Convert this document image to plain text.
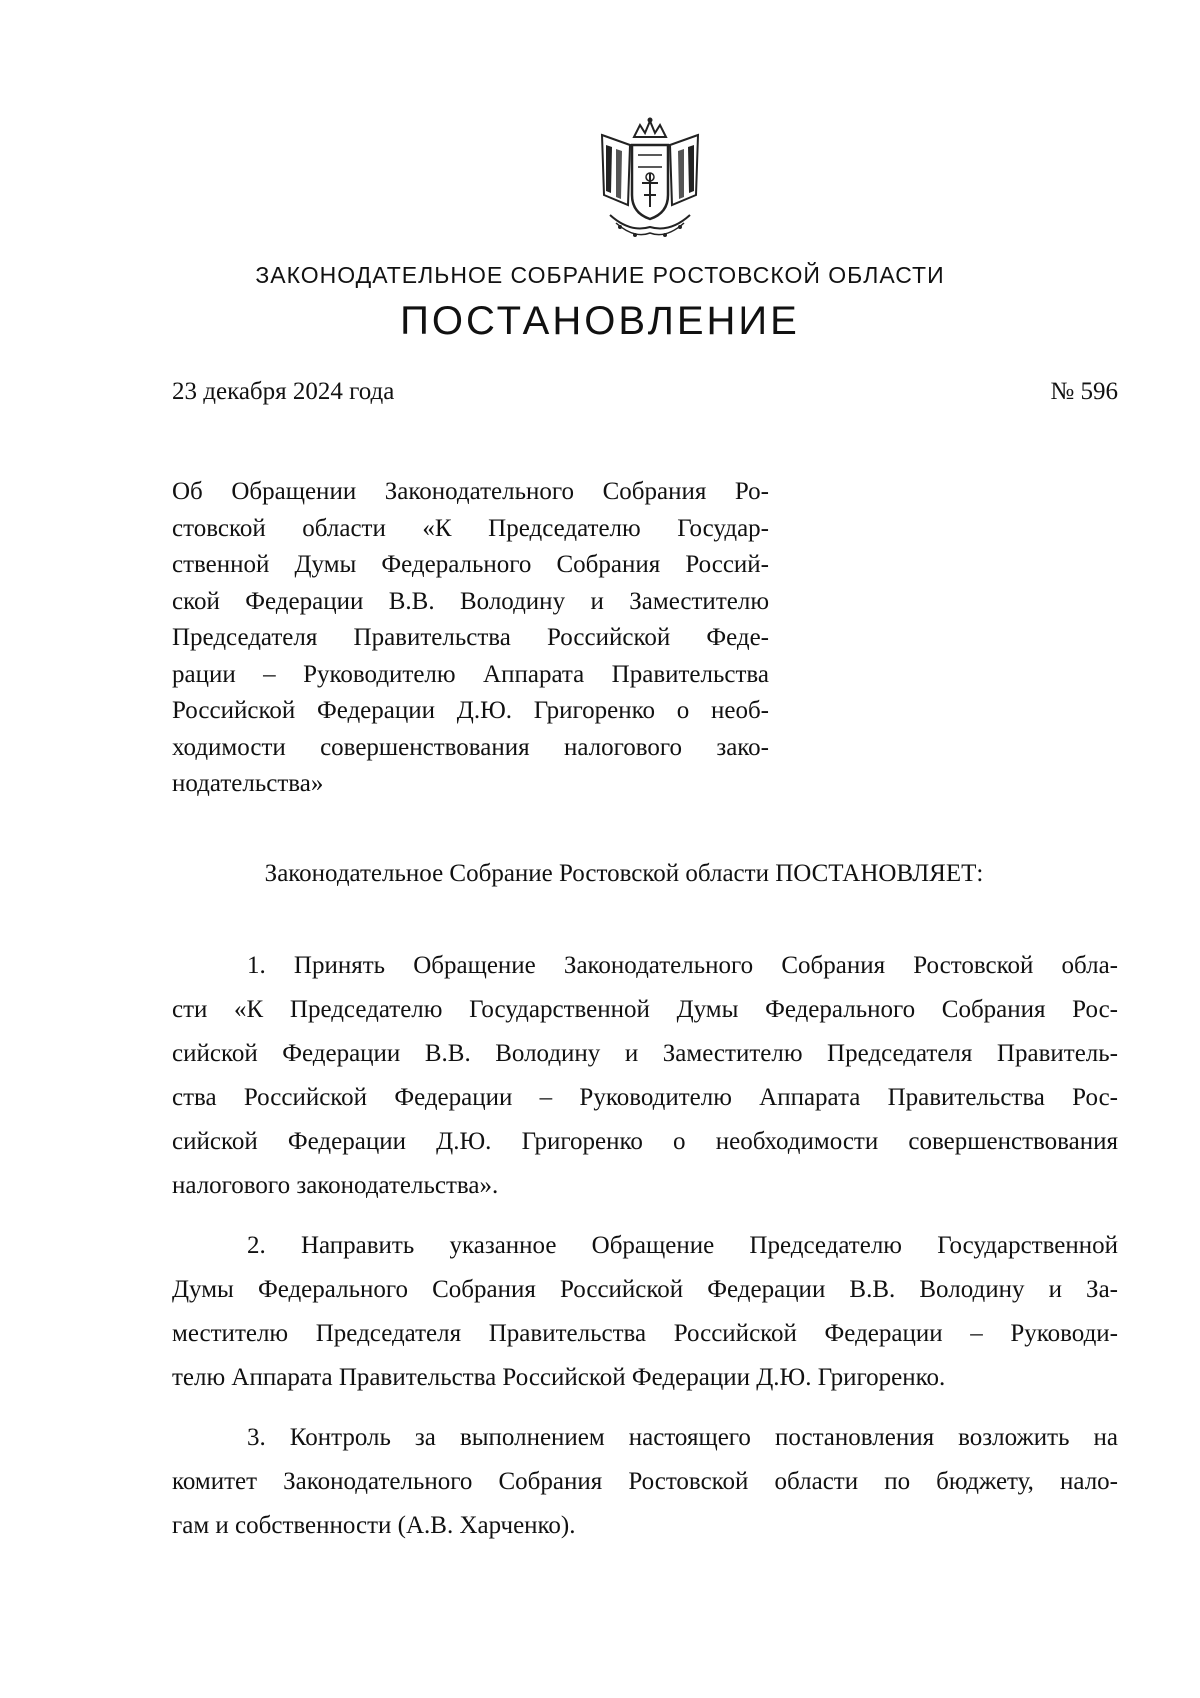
ЗАКОНОДАТЕЛЬНОЕ СОБРАНИЕ РОСТОВСКОЙ ОБЛАСТИ
ПОСТАНОВЛЕНИЕ
23 декабря 2024 года	№ 596
Об Обращении Законодательного Собрания Ро-
стовской области «К Председателю Государ-
ственной Думы Федерального Собрания Россий-
ской Федерации В.В. Володину и Заместителю
Председателя Правительства Российской Феде-
рации – Руководителю Аппарата Правительства
Российской Федерации Д.Ю. Григоренко о необ-
ходимости совершенствования налогового зако-
нодательства»
Законодательное Собрание Ростовской области ПОСТАНОВЛЯЕТ:
1. Принять Обращение Законодательного Собрания Ростовской обла-
сти «К Председателю Государственной Думы Федерального Собрания Рос-
сийской Федерации В.В. Володину и Заместителю Председателя Правитель-
ства Российской Федерации – Руководителю Аппарата Правительства Рос-
сийской Федерации Д.Ю. Григоренко о необходимости совершенствования
налогового законодательства».
2. Направить указанное Обращение Председателю Государственной
Думы Федерального Собрания Российской Федерации В.В. Володину и За-
местителю Председателя Правительства Российской Федерации – Руководи-
телю Аппарата Правительства Российской Федерации Д.Ю. Григоренко.
3. Контроль за выполнением настоящего постановления возложить на
комитет Законодательного Собрания Ростовской области по бюджету, нало-
гам и собственности (А.В. Харченко).
